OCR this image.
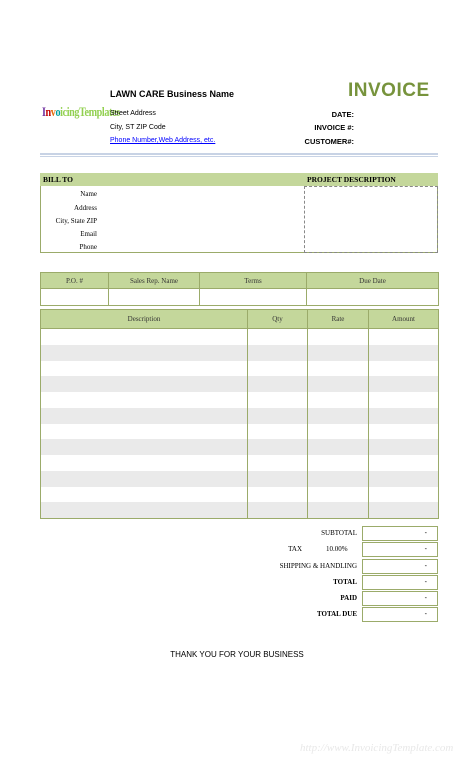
InvoicingTemplates
LAWN CARE Business Name
Street Address
City, ST ZIP Code
Phone Number,Web Address, etc.
INVOICE
DATE:
INVOICE #:
CUSTOMER#:
BILL TO	PROJECT DESCRIPTION
Name
Address
City, State ZIP
Email
Phone
P.O. #	Sales Rep. Name	Terms	Due Date

Description	Qty	Rate	Amount

SUBTOTAL	-
TAX	10.00%	-
SHIPPING & HANDLING	-
TOTAL	-
PAID	-
TOTAL DUE	-
THANK YOU FOR YOUR BUSINESS
http://www.InvoicingTemplate.com
